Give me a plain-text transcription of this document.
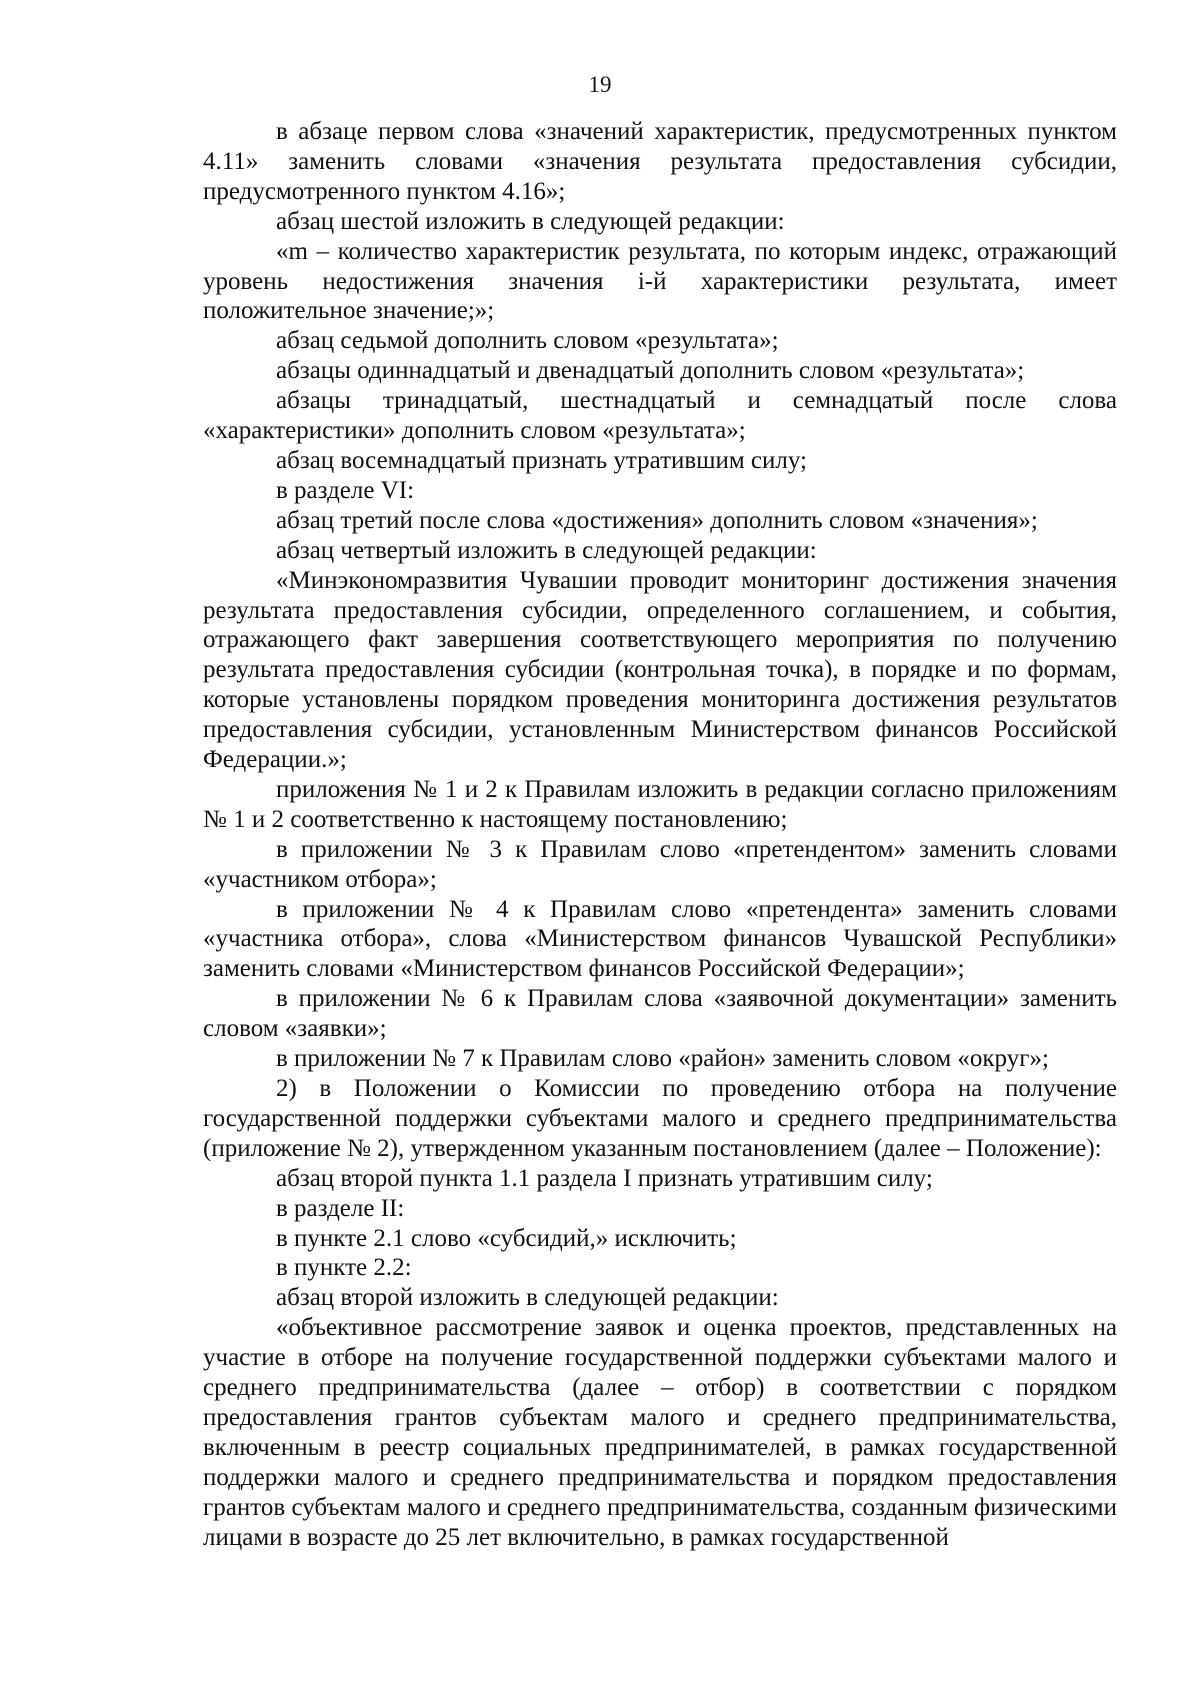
19

в абзаце первом слова «значений характеристик, предусмотренных пунктом 4.11» заменить словами «значения результата предоставления субсидии, предусмотренного пунктом 4.16»;

абзац шестой изложить в следующей редакции:

«m – количество характеристик результата, по которым индекс, отражающий уровень недостижения значения i-й характеристики результата, имеет положительное значение;»;

абзац седьмой дополнить словом «результата»;

абзацы одиннадцатый и двенадцатый дополнить словом «результата»;

абзацы тринадцатый, шестнадцатый и семнадцатый после слова «характеристики» дополнить словом «результата»;

абзац восемнадцатый признать утратившим силу;

в разделе VI:

абзац третий после слова «достижения» дополнить словом «значения»;

абзац четвертый изложить в следующей редакции:

«Минэкономразвития Чувашии проводит мониторинг достижения значения результата предоставления субсидии, определенного соглашением, и события, отражающего факт завершения соответствующего мероприятия по получению результата предоставления субсидии (контрольная точка), в порядке и по формам, которые установлены порядком проведения мониторинга достижения результатов предоставления субсидии, установленным Министерством финансов Российской Федерации.»;

приложения № 1 и 2 к Правилам изложить в редакции согласно приложениям № 1 и 2 соответственно к настоящему постановлению;

в приложении № 3 к Правилам слово «претендентом» заменить словами «участником отбора»;

в приложении № 4 к Правилам слово «претендента» заменить словами «участника отбора», слова «Министерством финансов Чувашской Республики» заменить словами «Министерством финансов Российской Федерации»;

в приложении № 6 к Правилам слова «заявочной документации» заменить словом «заявки»;

в приложении № 7 к Правилам слово «район» заменить словом «округ»;

2) в Положении о Комиссии по проведению отбора на получение государственной поддержки субъектами малого и среднего предпринимательства (приложение № 2), утвержденном указанным постановлением (далее – Положение):

абзац второй пункта 1.1 раздела I признать утратившим силу;

в разделе II:

в пункте 2.1 слово «субсидий,» исключить;

в пункте 2.2:

абзац второй изложить в следующей редакции:

«объективное рассмотрение заявок и оценка проектов, представленных на участие в отборе на получение государственной поддержки субъектами малого и среднего предпринимательства (далее – отбор) в соответствии с порядком предоставления грантов субъектам малого и среднего предпринимательства, включенным в реестр социальных предпринимателей, в рамках государственной поддержки малого и среднего предпринимательства и порядком предоставления грантов субъектам малого и среднего предпринимательства, созданным физическими лицами в возрасте до 25 лет включительно, в рамках государственной
